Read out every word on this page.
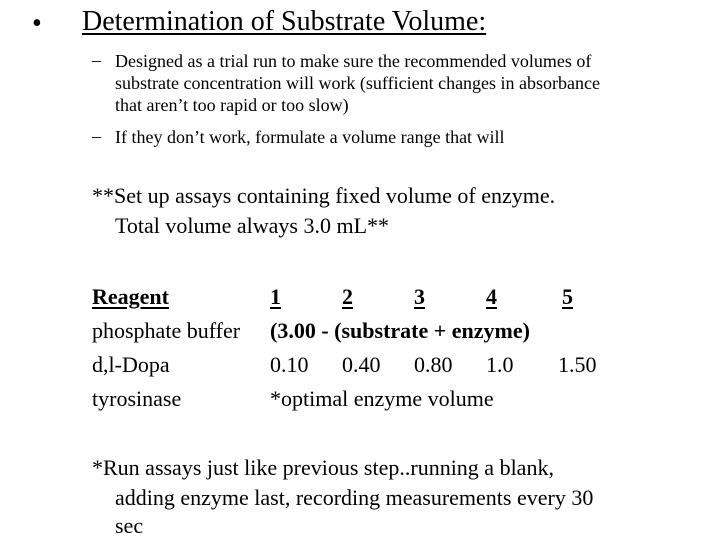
• Determination of Substrate Volume:
– Designed as a trial run to make sure the recommended volumes of
substrate concentration will work (sufficient changes in absorbance
that aren’t too rapid or too slow)
– If they don’t work, formulate a volume range that will
**Set up assays containing fixed volume of enzyme.
Total volume always 3.0 mL**
Reagent	1	2	3	4	5
phosphate buffer (3.00 - (substrate + enzyme)
d,l-Dopa	0.10 0.40 0.80 1.0 1.50
tyrosinase	*optimal enzyme volume
*Run assays just like previous step..running a blank,
adding enzyme last, recording measurements every 30
sec
